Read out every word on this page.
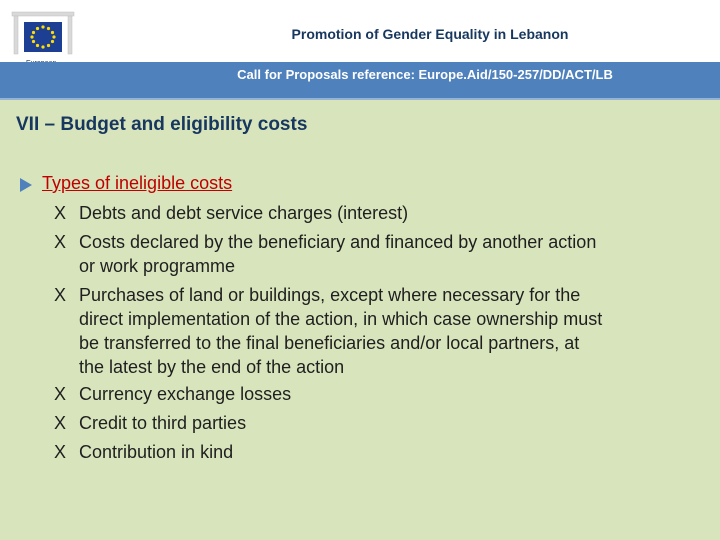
Promotion of Gender Equality in Lebanon
Call for Proposals reference: Europe.Aid/150-257/DD/ACT/LB
VII – Budget and eligibility costs
Types of ineligible costs
X Debts and debt service charges (interest)
X Costs declared by the beneficiary and financed by another action
or work programme
X Purchases of land or buildings, except where necessary for the
direct implementation of the action, in which case ownership must
be transferred to the final beneficiaries and/or local partners, at
the latest by the end of the action
X Currency exchange losses
X Credit to third parties
X Contribution in kind
